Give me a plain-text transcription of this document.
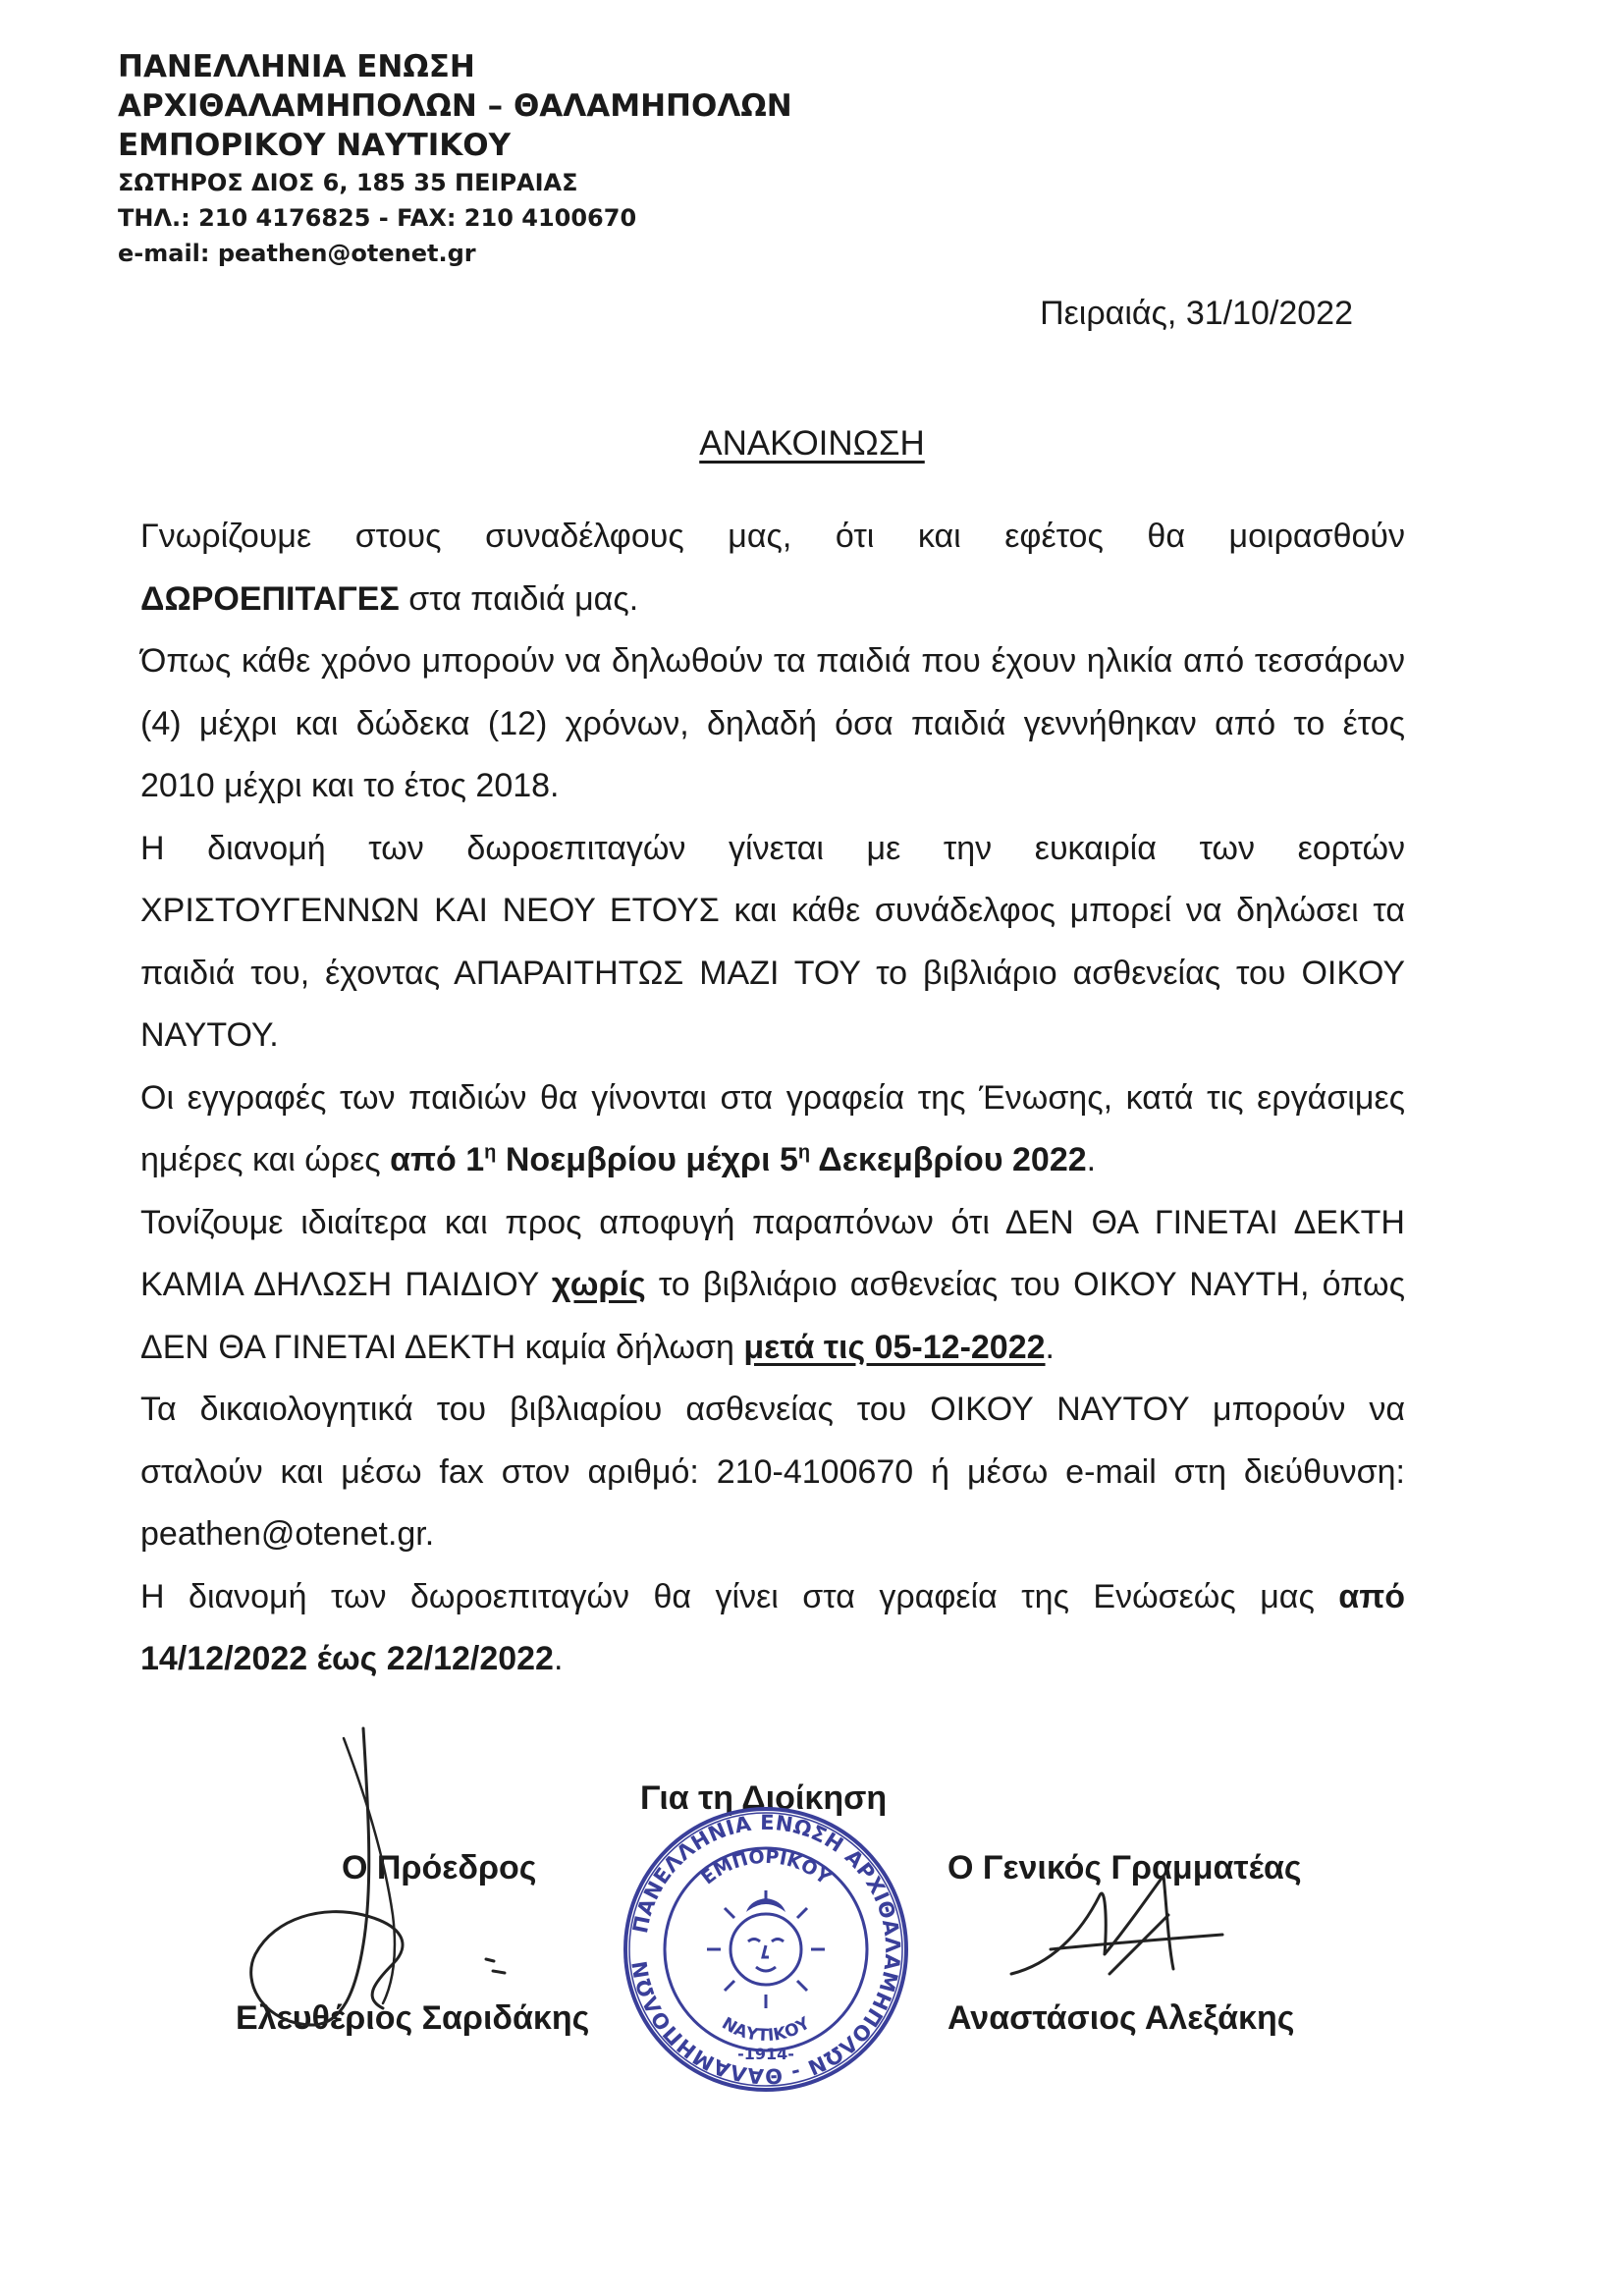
ΠΑΝΕΛΛΗΝΙΑ ΕΝΩΣΗ
ΑΡΧΙΘΑΛΑΜΗΠΟΛΩΝ – ΘΑΛΑΜΗΠΟΛΩΝ
ΕΜΠΟΡΙΚΟΥ ΝΑΥΤΙΚΟΥ
ΣΩΤΗΡΟΣ ΔΙΟΣ 6, 185 35 ΠΕΙΡΑΙΑΣ
ΤΗΛ.: 210 4176825 - FAX: 210 4100670
e-mail: peathen@otenet.gr
Πειραιάς, 31/10/2022
ΑΝΑΚΟΙΝΩΣΗ

Γνωρίζουμε στους συναδέλφους μας, ότι και εφέτος θα μοιρασθούν

ΔΩΡΟΕΠΙΤΑΓΕΣ στα παιδιά μας.

Όπως κάθε χρόνο μπορούν να δηλωθούν τα παιδιά που έχουν ηλικία από τεσσάρων

(4) μέχρι και δώδεκα (12) χρόνων, δηλαδή όσα παιδιά γεννήθηκαν από το έτος

2010 μέχρι και το έτος 2018.

Η διανομή των δωροεπιταγών γίνεται με την ευκαιρία των εορτών

ΧΡΙΣΤΟΥΓΕΝΝΩΝ ΚΑΙ ΝΕΟΥ ΕΤΟΥΣ και κάθε συνάδελφος μπορεί να δηλώσει τα

παιδιά του, έχοντας ΑΠΑΡΑΙΤΗΤΩΣ ΜΑΖΙ ΤΟΥ το βιβλιάριο ασθενείας του ΟΙΚΟΥ

ΝΑΥΤΟΥ.

Οι εγγραφές των παιδιών θα γίνονται στα γραφεία της Ένωσης, κατά τις εργάσιμες

ημέρες και ώρες από $1^\eta$ Νοεμβρίου μέχρι $5^\eta$ Δεκεμβρίου 2022.

Τονίζουμε ιδιαίτερα και προς αποφυγή παραπόνων ότι ΔΕΝ ΘΑ ΓΙΝΕΤΑΙ ΔΕΚΤΗ

ΚΑΜΙΑ ΔΗΛΩΣΗ ΠΑΙΔΙΟΥ χωρίς το βιβλιάριο ασθενείας του ΟΙΚΟΥ ΝΑΥΤΗ, όπως

ΔΕΝ ΘΑ ΓΙΝΕΤΑΙ ΔΕΚΤΗ καμία δήλωση μετά τις 05-12-2022.

Τα δικαιολογητικά του βιβλιαρίου ασθενείας του ΟΙΚΟΥ ΝΑΥΤΟΥ μπορούν να

σταλούν και μέσω fax στον αριθμό: 210-4100670 ή μέσω e-mail στη διεύθυνση:

peathen@otenet.gr.

Η διανομή των δωροεπιταγών θα γίνει στα γραφεία της Ενώσεώς μας από

14/12/2022 έως 22/12/2022.

Για τη Διοίκηση
Ο Πρόεδρος	Ο Γενικός Γραμματέας
Ελευθέριος Σαριδάκης	Αναστάσιος Αλεξάκης
ΠΑΝΕΛΛΗΝΙΑ ΕΝΩΣΗ ΑΡΧΙΘΑΛΑΜΗΠΟΛΩΝ - ΘΑΛΑΜΗΠΟΛΩΝ
ΕΜΠΟΡΙΚΟΥ
ΝΑΥΤΙΚΟΥ
-1914-
